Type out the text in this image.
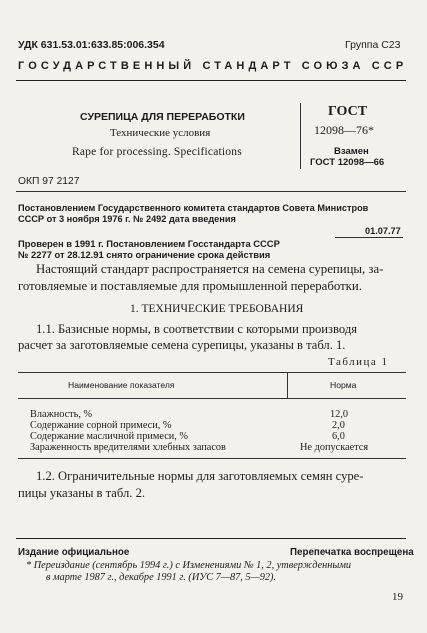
УДК 631.53.01:633.85:006.354	Группа С23
ГОСУДАРСТВЕННЫЙ СТАНДАРТ СОЮЗА ССР
СУРЕПИЦА ДЛЯ ПЕРЕРАБОТКИ
Технические условия
Rape for processing. Specifications
ГОСТ
12098—76*
Взамен
ГОСТ 12098—66
ОКП 97 2127
Постановлением Государственного комитета стандартов Совета Министров
СССР от 3 ноября 1976 г. № 2492 дата введения
01.07.77
Проверен в 1991 г. Постановлением Госстандарта СССР
№ 2277 от 28.12.91 снято ограничение срока действия
Настоящий стандарт распространяется на семена сурепицы, за-
готовляемые и поставляемые для промышленной переработки.
1. ТЕХНИЧЕСКИЕ ТРЕБОВАНИЯ
1.1. Базисные нормы, в соответствии с которыми производя
расчет за заготовляемые семена сурепицы, указаны в табл. 1.
Таблица 1
Наименование показателя	Норма
Влажность, %	12,0
Содержание сорной примеси, %	2,0
Содержание масличной примеси, %	6,0
Зараженность вредителями хлебных запасов	Не допускается
1.2. Ограничительные нормы для заготовляемых семян суре-
пицы указаны в табл. 2.
Издание официальное	Перепечатка воспрещена
* Переиздание (сентябрь 1994 г.) с Изменениями № 1, 2, утвержденными
в марте 1987 г., декабре 1991 г. (ИУС 7—87, 5—92).
19
